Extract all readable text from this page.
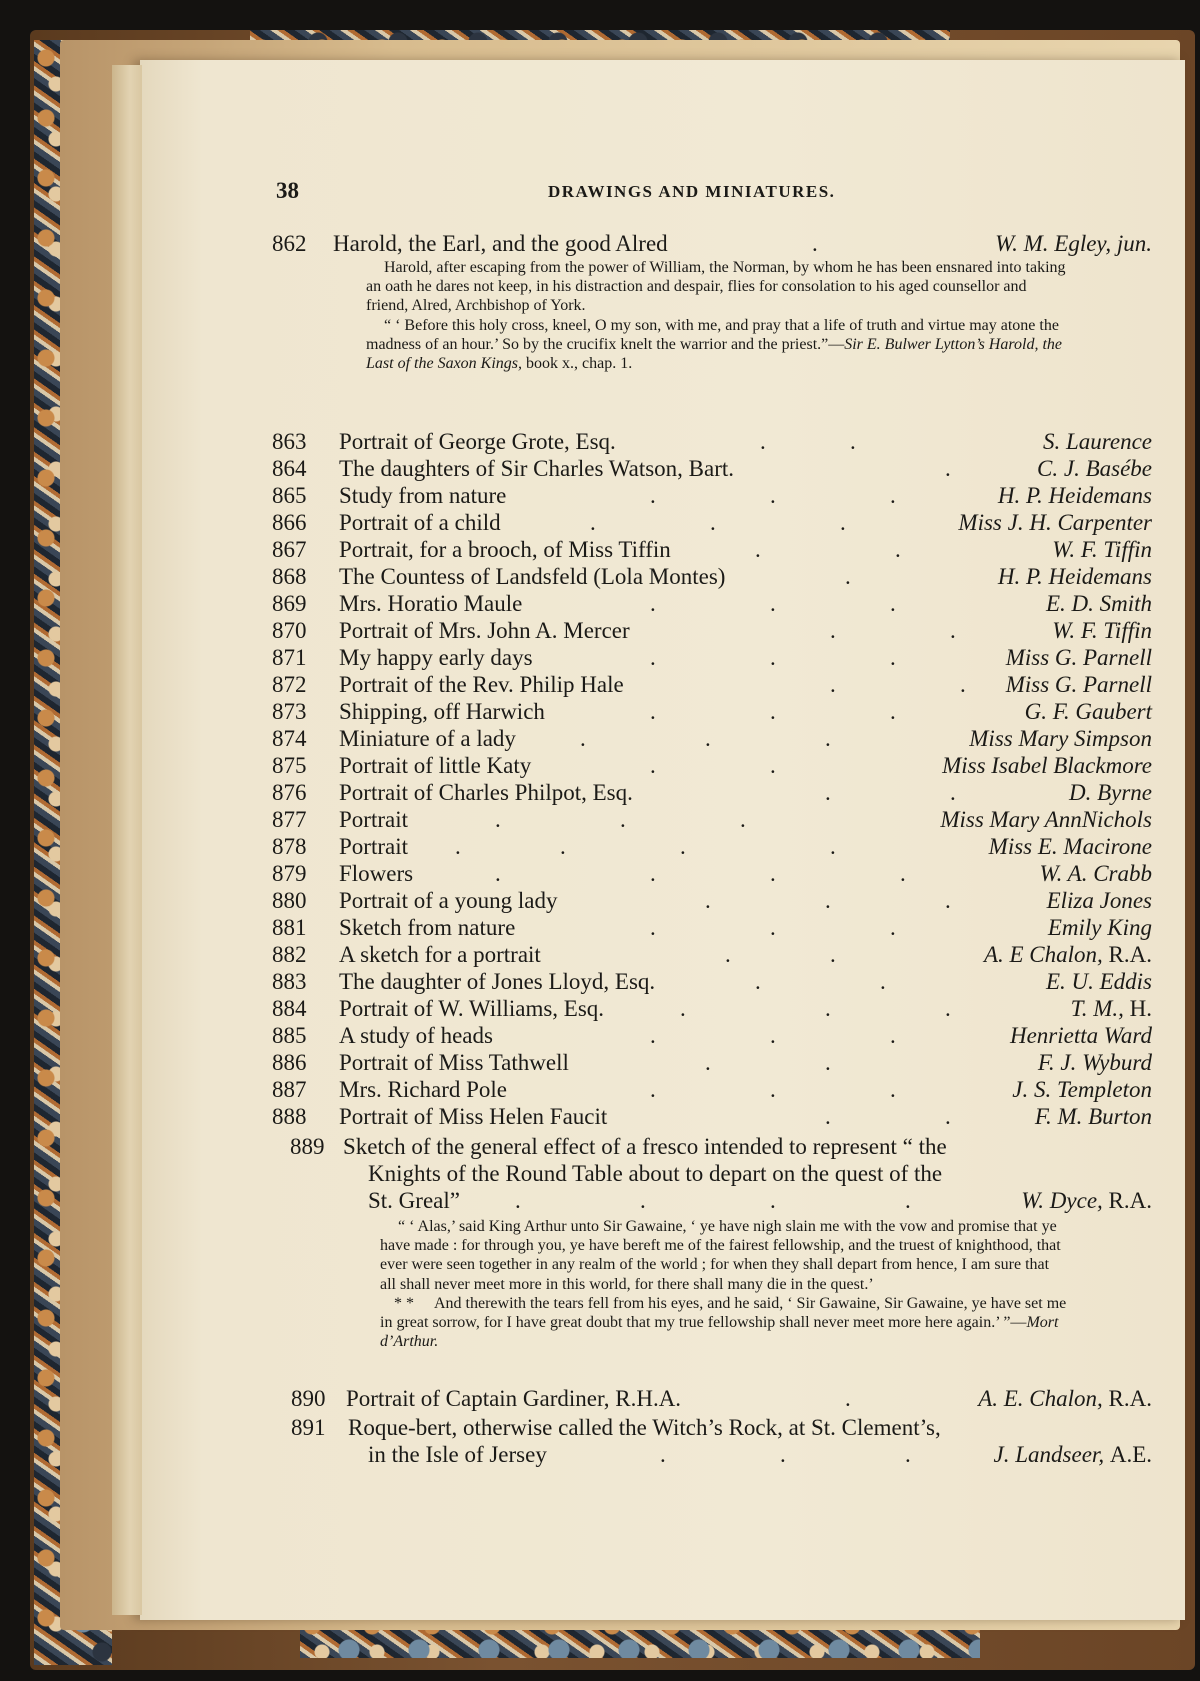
38	DRAWINGS AND MINIATURES.
862 Harold, the Earl, and the good Alred	.	W. M. Egley, jun.

Harold, after escaping from the power of William, the Norman, by whom he has been ensnared into taking an oath he dares not keep, in his distraction and despair, flies for consolation to his aged counsellor and friend, Alred, Archbishop of York.

“ ‘ Before this holy cross, kneel, O my son, with me, and pray that a life of truth and virtue may atone the madness of an hour.’ So by the crucifix knelt the warrior and the priest.”—Sir E. Bulwer Lytton’s Harold, the Last of the Saxon Kings, book x., chap. 1.

863 Portrait of George Grote, Esq.	.	.	S. Laurence
864 The daughters of Sir Charles Watson, Bart.	.	C. J. Basébe
865 Study from nature	.	.	.	H. P. Heidemans
866 Portrait of a child	.	.	.	Miss J. H. Carpenter
867 Portrait, for a brooch, of Miss Tiffin	.	.	W. F. Tiffin
868 The Countess of Landsfeld (Lola Montes)	.	H. P. Heidemans
869 Mrs. Horatio Maule	.	.	.	E. D. Smith
870 Portrait of Mrs. John A. Mercer	.	.	W. F. Tiffin
871 My happy early days	.	.	.	Miss G. Parnell
872 Portrait of the Rev. Philip Hale	.	. Miss G. Parnell
873 Shipping, off Harwich	.	.	.	G. F. Gaubert
874 Miniature of a lady	.	.	.	Miss Mary Simpson
875 Portrait of little Katy	.	.	Miss Isabel Blackmore
876 Portrait of Charles Philpot, Esq.	.	.	D. Byrne
877 Portrait	.	.	.	Miss Mary AnnNichols
878 Portrait .	.	.	.	Miss E. Macirone
879 Flowers	.	.	.	.	W. A. Crabb
880 Portrait of a young lady	.	.	.	Eliza Jones
881 Sketch from nature	.	.	.	Emily King
882 A sketch for a portrait	.	.	A. E Chalon, R.A.
883 The daughter of Jones Lloyd, Esq.	.	.	E. U. Eddis
884 Portrait of W. Williams, Esq.	.	.	.	T. M., H.
885 A study of heads	.	.	.	Henrietta Ward
886 Portrait of Miss Tathwell	.	.	F. J. Wyburd
887 Mrs. Richard Pole	.	.	.	J. S. Templeton
888 Portrait of Miss Helen Faucit	.	.	F. M. Burton
889 Sketch of the general effect of a fresco intended to represent “ the
Knights of the Round Table about to depart on the quest of the
St. Greal” .	.	.	.	W. Dyce, R.A.

“ ‘ Alas,’ said King Arthur unto Sir Gawaine, ‘ ye have nigh slain me with the vow and promise that ye have made : for through you, ye have bereft me of the fairest fellowship, and the truest of knighthood, that ever were seen together in any realm of the world ; for when they shall depart from hence, I am sure that all shall never meet more in this world, for there shall many die in the quest.’

* * And therewith the tears fell from his eyes, and he said, ‘ Sir Gawaine, Sir Gawaine, ye have set me in great sorrow, for I have great doubt that my true fellowship shall never meet more here again.’ ”—Mort d’Arthur.

890 Portrait of Captain Gardiner, R.H.A.	.	A. E. Chalon, R.A.
891 Roque-bert, otherwise called the Witch’s Rock, at St. Clement’s,
in the Isle of Jersey	.	.	.	J. Landseer, A.E.
